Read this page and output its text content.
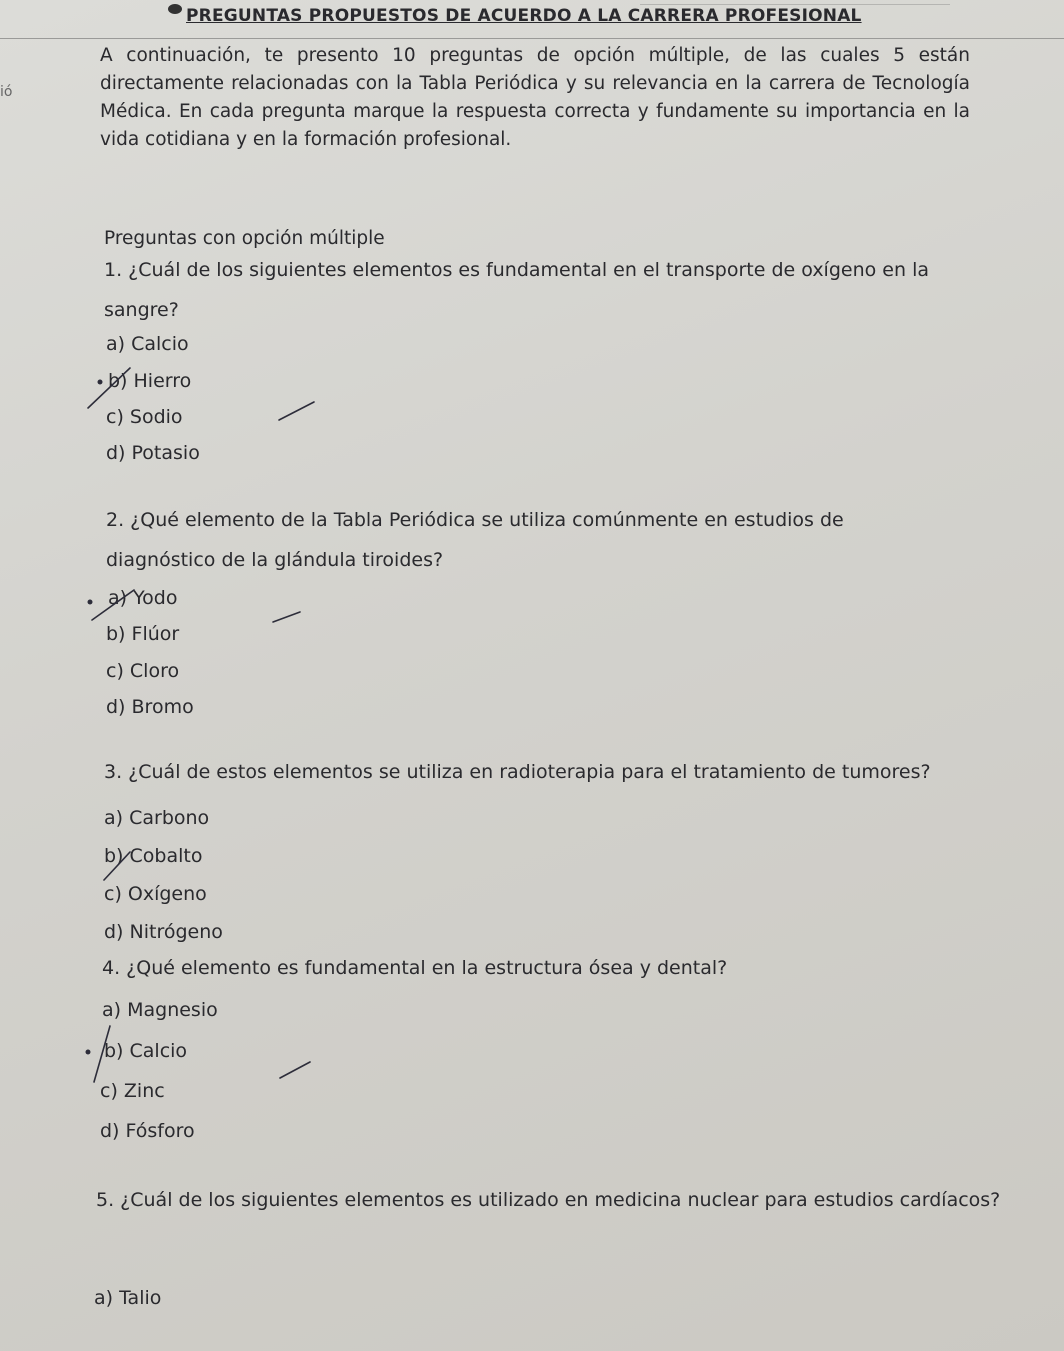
PREGUNTAS PROPUESTOS DE ACUERDO A LA CARRERA PROFESIONAL
ió
A continuación, te presento 10 preguntas de opción múltiple, de las cuales 5 están directamente relacionadas con la Tabla Periódica y su relevancia en la carrera de Tecnología Médica. En cada pregunta marque la respuesta correcta y fundamente su importancia en la vida cotidiana y en la formación profesional.
Preguntas con opción múltiple
1. ¿Cuál de los siguientes elementos es fundamental en el transporte de oxígeno en la sangre?
a) Calcio
b) Hierro
c) Sodio
d) Potasio
2. ¿Qué elemento de la Tabla Periódica se utiliza comúnmente en estudios de diagnóstico de la glándula tiroides?
a) Yodo
b) Flúor
c) Cloro
d) Bromo
3. ¿Cuál de estos elementos se utiliza en radioterapia para el tratamiento de tumores?
a) Carbono
b) Cobalto
c) Oxígeno
d) Nitrógeno
4. ¿Qué elemento es fundamental en la estructura ósea y dental?
a) Magnesio
b) Calcio
c) Zinc
d) Fósforo
5. ¿Cuál de los siguientes elementos es utilizado en medicina nuclear para estudios cardíacos?
a) Talio
